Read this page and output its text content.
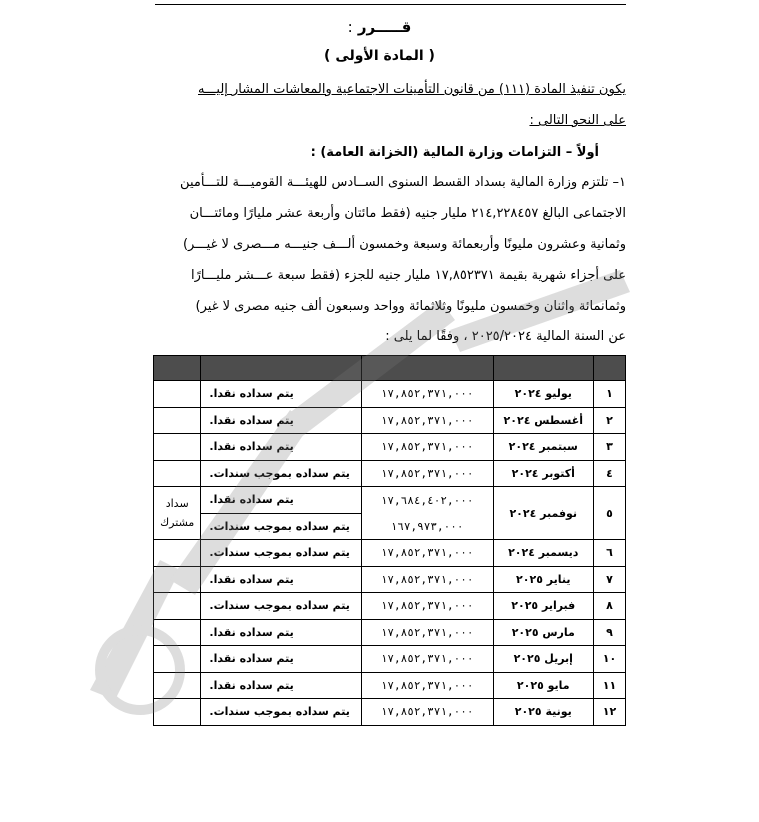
: قـــــرر
( المادة الأولى )
يكون تنفيذ المادة (١١١) من قانون التأمينات الاجتماعية والمعاشات المشار إليـــه
على النحو التالى :
أولاً – التزامات وزارة المالية (الخزانة العامة) :
١– تلتزم وزارة المالية بسداد القسط السنوى الســادس للهيئـــة القوميـــة للتـــأمين
الاجتماعى البالغ ٢١٤,٢٢٨٤٥٧ مليار جنيه (فقط مائتان وأربعة عشر مليارًا ومائتـــان
وثمانية وعشرون مليونًا وأربعمائة وسبعة وخمسون ألـــف جنيـــه مـــصرى لا غيـــر)
على أجزاء شهرية بقيمة ١٧,٨٥٢٣٧١ مليار جنيه للجزء (فقط سبعة عـــشر مليـــارًا
وثمانمائة واثنان وخمسون مليونًا وثلاثمائة وواحد وسبعون ألف جنيه مصرى لا غير)
عن السنة المالية ٢٠٢٥/٢٠٢٤ ، وفقًا لما يلى :

١	يوليو ٢٠٢٤	١٧,٨٥٢,٣٧١,٠٠٠	يتم سداده نقدا.	
٢	أغسطس ٢٠٢٤	١٧,٨٥٢,٣٧١,٠٠٠	يتم سداده نقدا.	
٣	سبتمبر ٢٠٢٤	١٧,٨٥٢,٣٧١,٠٠٠	يتم سداده نقدا.	
٤	أكتوبر ٢٠٢٤	١٧,٨٥٢,٣٧١,٠٠٠	يتم سداده بموجب سندات.	
٥	نوفمبر ٢٠٢٤	١٧,٦٨٤,٤٠٢,٠٠٠	يتم سداده نقدا.	سداد مشترك
		١٦٧,٩٧٣,٠٠٠	يتم سداده بموجب سندات.	
٦	ديسمبر ٢٠٢٤	١٧,٨٥٢,٣٧١,٠٠٠	يتم سداده بموجب سندات.	
٧	يناير ٢٠٢٥	١٧,٨٥٢,٣٧١,٠٠٠	يتم سداده نقدا.	
٨	فبراير ٢٠٢٥	١٧,٨٥٢,٣٧١,٠٠٠	يتم سداده بموجب سندات.	
٩	مارس ٢٠٢٥	١٧,٨٥٢,٣٧١,٠٠٠	يتم سداده نقدا.	
١٠	إبريل ٢٠٢٥	١٧,٨٥٢,٣٧١,٠٠٠	يتم سداده نقدا.	
١١	مايو ٢٠٢٥	١٧,٨٥٢,٣٧١,٠٠٠	يتم سداده نقدا.	
١٢	يونية ٢٠٢٥	١٧,٨٥٢,٣٧١,٠٠٠	يتم سداده بموجب سندات.	
